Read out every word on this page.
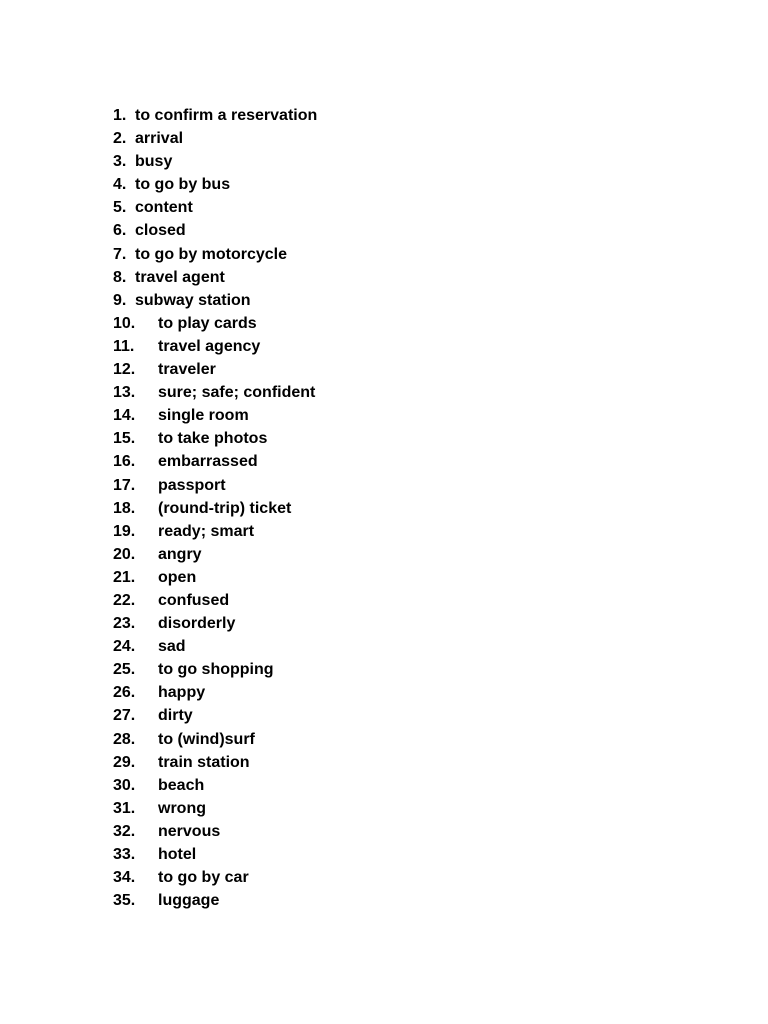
1. to confirm a reservation
2. arrival
3. busy
4. to go by bus
5. content
6. closed
7. to go by motorcycle
8. travel agent
9. subway station
10. to play cards
11. travel agency
12. traveler
13. sure; safe; confident
14. single room
15. to take photos
16. embarrassed
17. passport
18. (round-trip) ticket
19. ready; smart
20. angry
21. open
22. confused
23. disorderly
24. sad
25. to go shopping
26. happy
27. dirty
28. to (wind)surf
29. train station
30. beach
31. wrong
32. nervous
33. hotel
34. to go by car
35. luggage
